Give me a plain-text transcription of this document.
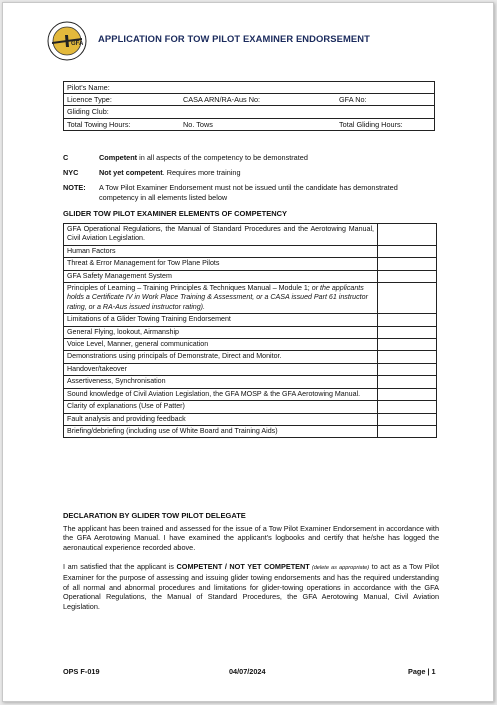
GFA APPLICATION FOR TOW PILOT EXAMINER ENDORSEMENT
Pilot's Name:		
Licence Type:	CASA ARN/RA-Aus No:	GFA No:
Gliding Club:		
Total Towing Hours:	No. Tows	Total Gliding Hours:
C	Competent in all aspects of the competency to be demonstrated
NYC	Not yet competent. Requires more training
NOTE: A Tow Pilot Examiner Endorsement must not be issued until the candidate has demonstrated competency in all elements listed below
GLIDER TOW PILOT EXAMINER ELEMENTS OF COMPETENCY
GFA Operational Regulations, the Manual of Standard Procedures and the Aerotowing Manual, Civil Aviation Legislation.	
Human Factors	
Threat & Error Management for Tow Plane Pilots	
GFA Safety Management System	
Principles of Learning – Training Principles & Techniques Manual – Module 1; or the applicants holds a Certificate IV in Work Place Training & Assessment, or a CASA issued Part 61 instructor rating, or a RA-Aus issued instructor rating).	
Limitations of a Glider Towing Training Endorsement	
General Flying, lookout, Airmanship	
Voice Level, Manner, general communication	
Demonstrations using principals of Demonstrate, Direct and Monitor.	
Handover/takeover	
Assertiveness, Synchronisation	
Sound knowledge of Civil Aviation Legislation, the GFA MOSP & the GFA Aerotowing Manual.	
Clarity of explanations (Use of Patter)	
Fault analysis and providing feedback	
Briefing/debriefing (including use of White Board and Training Aids)	
DECLARATION BY GLIDER TOW PILOT DELEGATE
The applicant has been trained and assessed for the issue of a Tow Pilot Examiner Endorsement in accordance with the GFA Aerotowing Manual. I have examined the applicant's logbooks and certify that he/she has logged the aeronautical experience recorded above.
I am satisfied that the applicant is COMPETENT / NOT YET COMPETENT (delete as appropriate) to act as a Tow Pilot Examiner for the purpose of assessing and issuing glider towing endorsements and has the required understanding of all normal and abnormal procedures and limitations for glider-towing operations in accordance with the GFA Operational Regulations, the Manual of Standard Procedures, the GFA Aerotowing Manual, Civil Aviation Legislation.
OPS F-019	04/07/2024	Page | 1
